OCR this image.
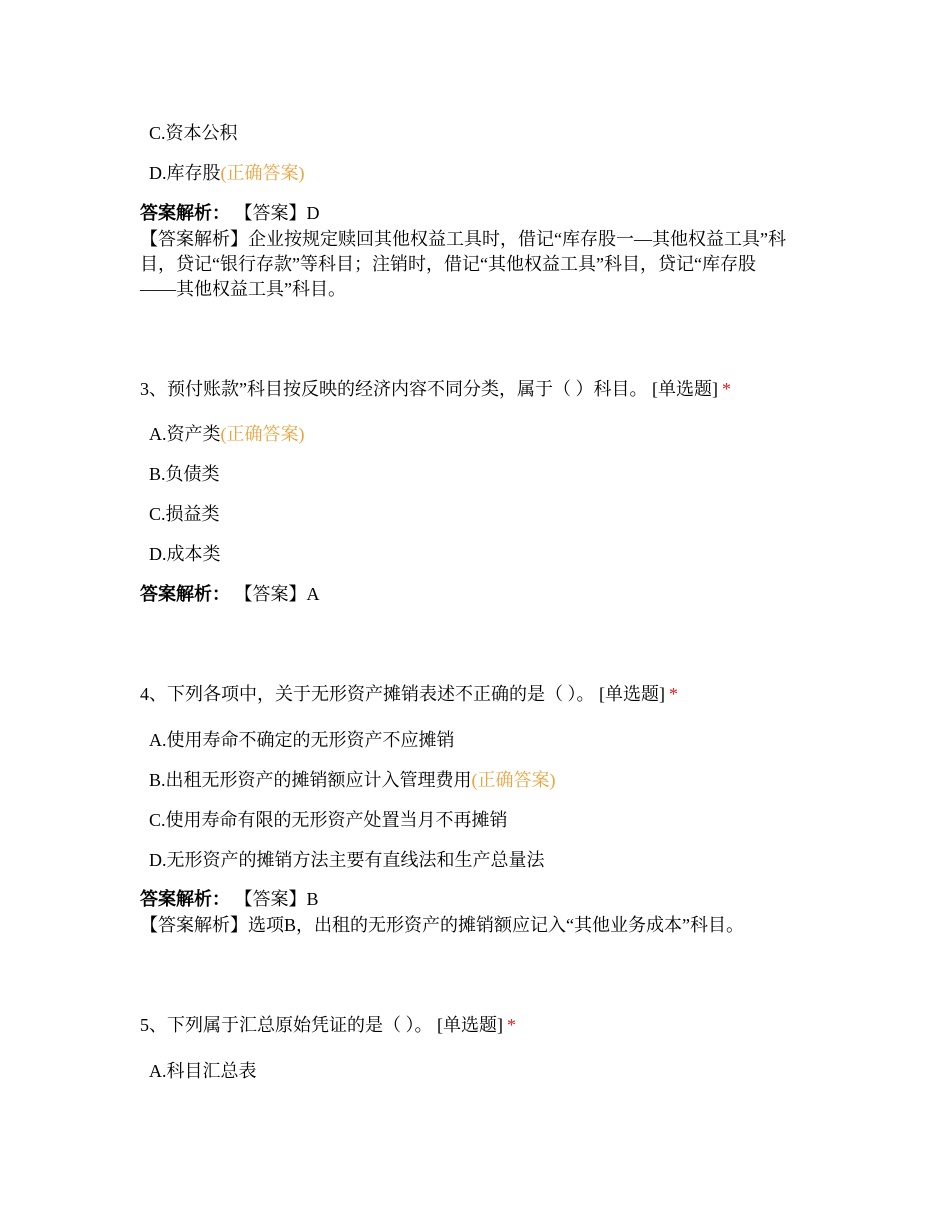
C.资本公积
D.库存股(正确答案)
答案解析： 【答案】D
【答案解析】企业按规定赎回其他权益工具时，借记“库存股一—其他权益工具”科
目，贷记“银行存款”等科目；注销时，借记“其他权益工具”科目，贷记“库存股
——其他权益工具”科目。
3、预付账款”科目按反映的经济内容不同分类，属于（ ）科目。 [单选题] *
A.资产类(正确答案)
B.负债类
C.损益类
D.成本类
答案解析： 【答案】A
4、下列各项中，关于无形资产摊销表述不正确的是（ ）。 [单选题] *
A.使用寿命不确定的无形资产不应摊销
B.出租无形资产的摊销额应计入管理费用(正确答案)
C.使用寿命有限的无形资产处置当月不再摊销
D.无形资产的摊销方法主要有直线法和生产总量法
答案解析： 【答案】B
【答案解析】选项B，出租的无形资产的摊销额应记入“其他业务成本”科目。
5、下列属于汇总原始凭证的是（ ）。 [单选题] *
A.科目汇总表
